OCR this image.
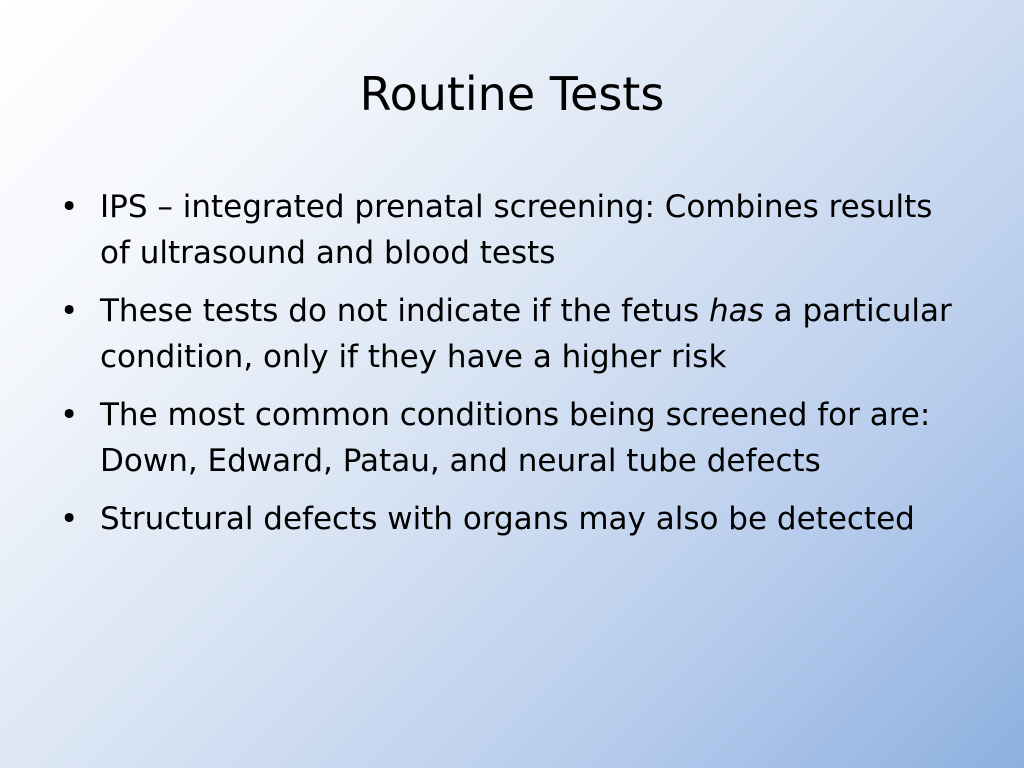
Routine Tests
• IPS – integrated prenatal screening: Combines results of ultrasound and blood tests
• These tests do not indicate if the fetus has a particular condition, only if they have a higher risk
• The most common conditions being screened for are: Down, Edward, Patau, and neural tube defects
• Structural defects with organs may also be detected
